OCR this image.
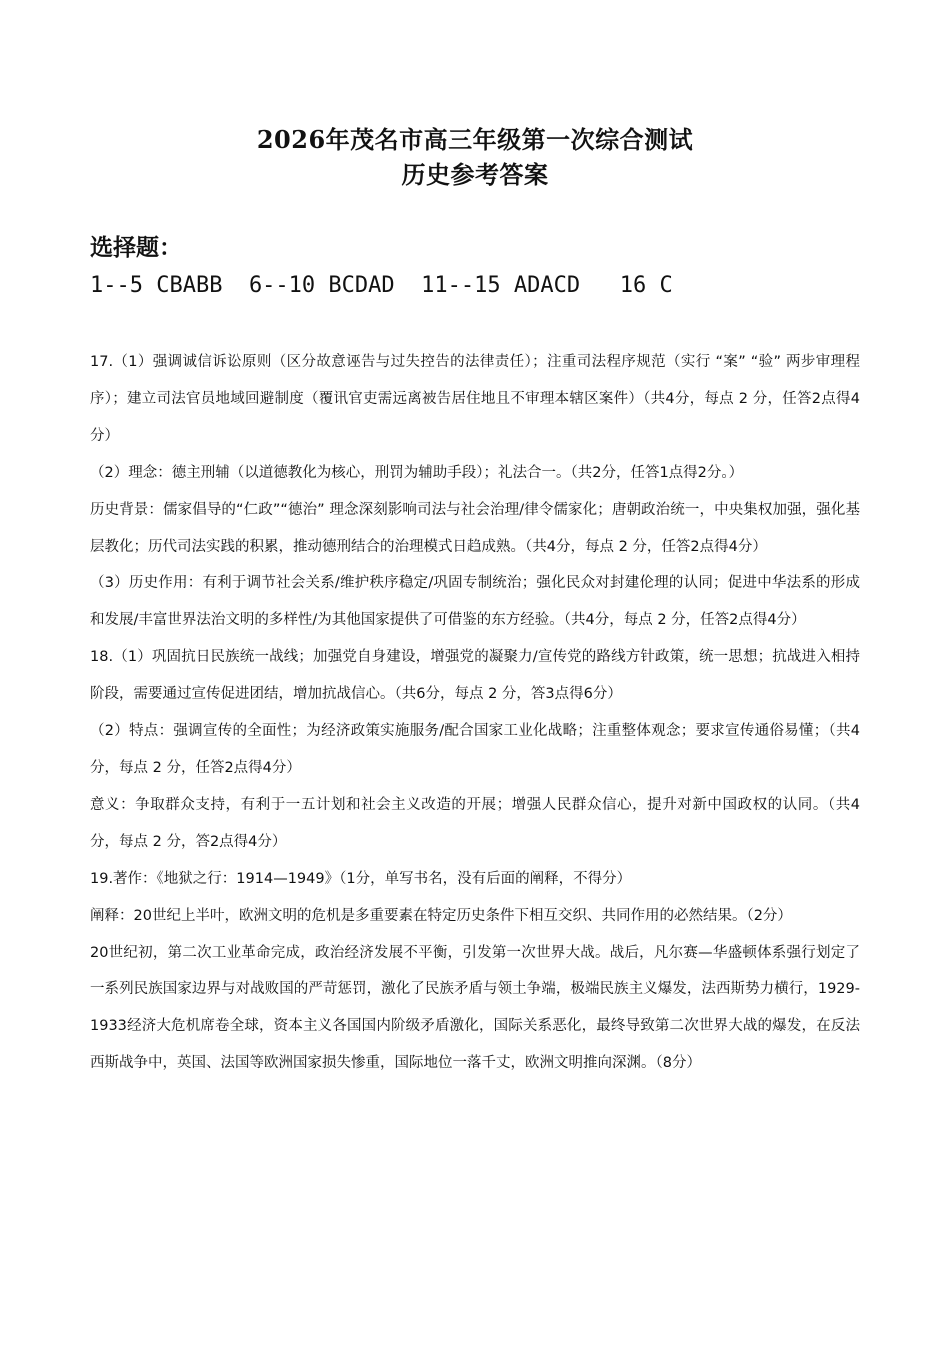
2026年茂名市高三年级第一次综合测试
历史参考答案
选择题：
1--5 CBABB  6--10 BCDAD  11--15 ADACD   16 C

17.（1）强调诚信诉讼原则（区分故意诬告与过失控告的法律责任）；注重司法程序规范（实行 “案” “验” 两步审理程序）；建立司法官员地域回避制度（覆讯官吏需远离被告居住地且不审理本辖区案件）（共4分，每点 2 分，任答2点得4分）

（2）理念：德主刑辅（以道德教化为核心，刑罚为辅助手段）；礼法合一。（共2分，任答1点得2分。）

历史背景：儒家倡导的“仁政”“德治” 理念深刻影响司法与社会治理/律令儒家化；唐朝政治统一，中央集权加强，强化基层教化；历代司法实践的积累，推动德刑结合的治理模式日趋成熟。（共4分，每点 2 分，任答2点得4分）

（3）历史作用：有利于调节社会关系/维护秩序稳定/巩固专制统治；强化民众对封建伦理的认同；促进中华法系的形成和发展/丰富世界法治文明的多样性/为其他国家提供了可借鉴的东方经验。（共4分，每点 2 分，任答2点得4分）

18.（1）巩固抗日民族统一战线；加强党自身建设，增强党的凝聚力/宣传党的路线方针政策，统一思想；抗战进入相持阶段，需要通过宣传促进团结，增加抗战信心。（共6分，每点 2 分，答3点得6分）

（2）特点：强调宣传的全面性；为经济政策实施服务/配合国家工业化战略；注重整体观念；要求宣传通俗易懂；（共4分，每点 2 分，任答2点得4分）

意义：争取群众支持，有利于一五计划和社会主义改造的开展；增强人民群众信心，提升对新中国政权的认同。（共4分，每点 2 分，答2点得4分）

19.著作：《地狱之行：1914—1949》（1分，单写书名，没有后面的阐释，不得分）

阐释：20世纪上半叶，欧洲文明的危机是多重要素在特定历史条件下相互交织、共同作用的必然结果。（2分）

20世纪初，第二次工业革命完成，政治经济发展不平衡，引发第一次世界大战。战后，凡尔赛—华盛顿体系强行划定了一系列民族国家边界与对战败国的严苛惩罚，激化了民族矛盾与领土争端，极端民族主义爆发，法西斯势力横行，1929-1933经济大危机席卷全球，资本主义各国国内阶级矛盾激化，国际关系恶化，最终导致第二次世界大战的爆发，在反法西斯战争中，英国、法国等欧洲国家损失惨重，国际地位一落千丈，欧洲文明推向深渊。（8分）
